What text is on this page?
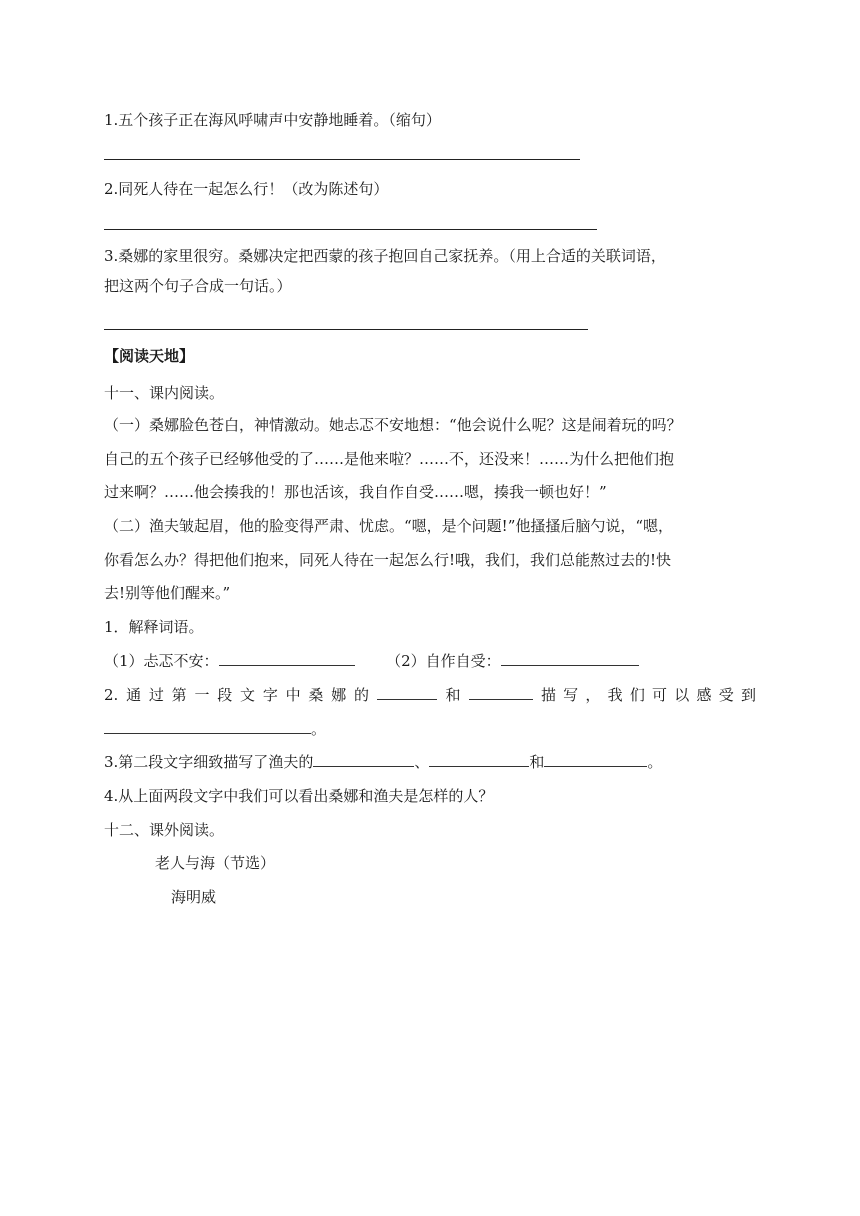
1.五个孩子正在海风呼啸声中安静地睡着。（缩句）
2.同死人待在一起怎么行！（改为陈述句）
3.桑娜的家里很穷。桑娜决定把西蒙的孩子抱回自己家抚养。（用上合适的关联词语，
把这两个句子合成一句话。）
【阅读天地】
十一、课内阅读。
（一）桑娜脸色苍白，神情激动。她忐忑不安地想：“他会说什么呢？这是闹着玩的吗？
自己的五个孩子已经够他受的了……是他来啦？……不，还没来！……为什么把他们抱
过来啊？……他会揍我的！那也活该，我自作自受……嗯，揍我一顿也好！”
（二）渔夫皱起眉，他的脸变得严肃、忧虑。“嗯，是个问题!”他搔搔后脑勺说，“嗯，
你看怎么办？得把他们抱来，同死人待在一起怎么行!哦，我们，我们总能熬过去的!快
去!别等他们醒来。”
1．解释词语。
（1）忐忑不安：	（2）自作自受：
2.通过第一段文字中桑娜的	和	描写，我们可以感受到
。
3.第二段文字细致描写了渔夫的	、	和	。
4.从上面两段文字中我们可以看出桑娜和渔夫是怎样的人？
十二、课外阅读。
老人与海（节选）
海明威
